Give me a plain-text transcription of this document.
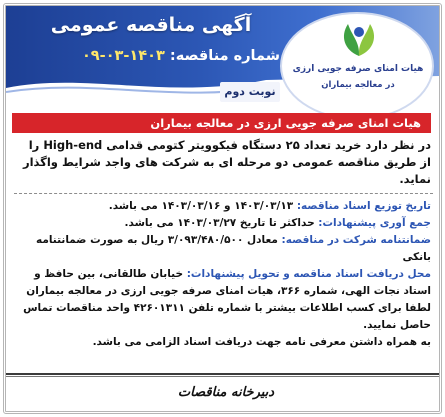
هیات امنای صرفه جویی ارزی
در معالجه بیماران
آگهی مناقصه عمومی
شماره مناقصه: ۱۴۰۳-۰۳-۰۹
نوبت دوم
هیات امنای صرفه جویی ارزی در معالجه بیماران
در نظر دارد خرید تعداد ۲۵ دستگاه فیکوویتر کتومی قدامی High-end را از طریق مناقصه عمومی دو مرحله ای به شرکت های واجد شرایط واگذار نماید.

تاریخ توزیع اسناد مناقصه: ۱۴۰۳/۰۳/۱۳ و ۱۴۰۳/۰۳/۱۶ می باشد.

جمع آوری پیشنهادات: حداکثر تا تاریخ ۱۴۰۳/۰۳/۲۷ می باشد.

ضمانتنامه شرکت در مناقصه: معادل ۳/۰۹۳/۴۸۰/۵۰۰ ریال به صورت ضمانتنامه بانکی

محل دریافت اسناد مناقصه و تحویل پیشنهادات: خیابان طالقانی، بین حافظ و استاد نجات الهی، شماره ۳۶۶، هیات امنای صرفه جویی ارزی در معالجه بیماران

لطفا برای کسب اطلاعات بیشتر با شماره تلفن ۴۲۶۰۱۳۱۱ واحد مناقصات تماس حاصل نمایید.

به همراه داشتن معرفی نامه جهت دریافت اسناد الزامی می باشد.

دبیرخانه مناقصات
